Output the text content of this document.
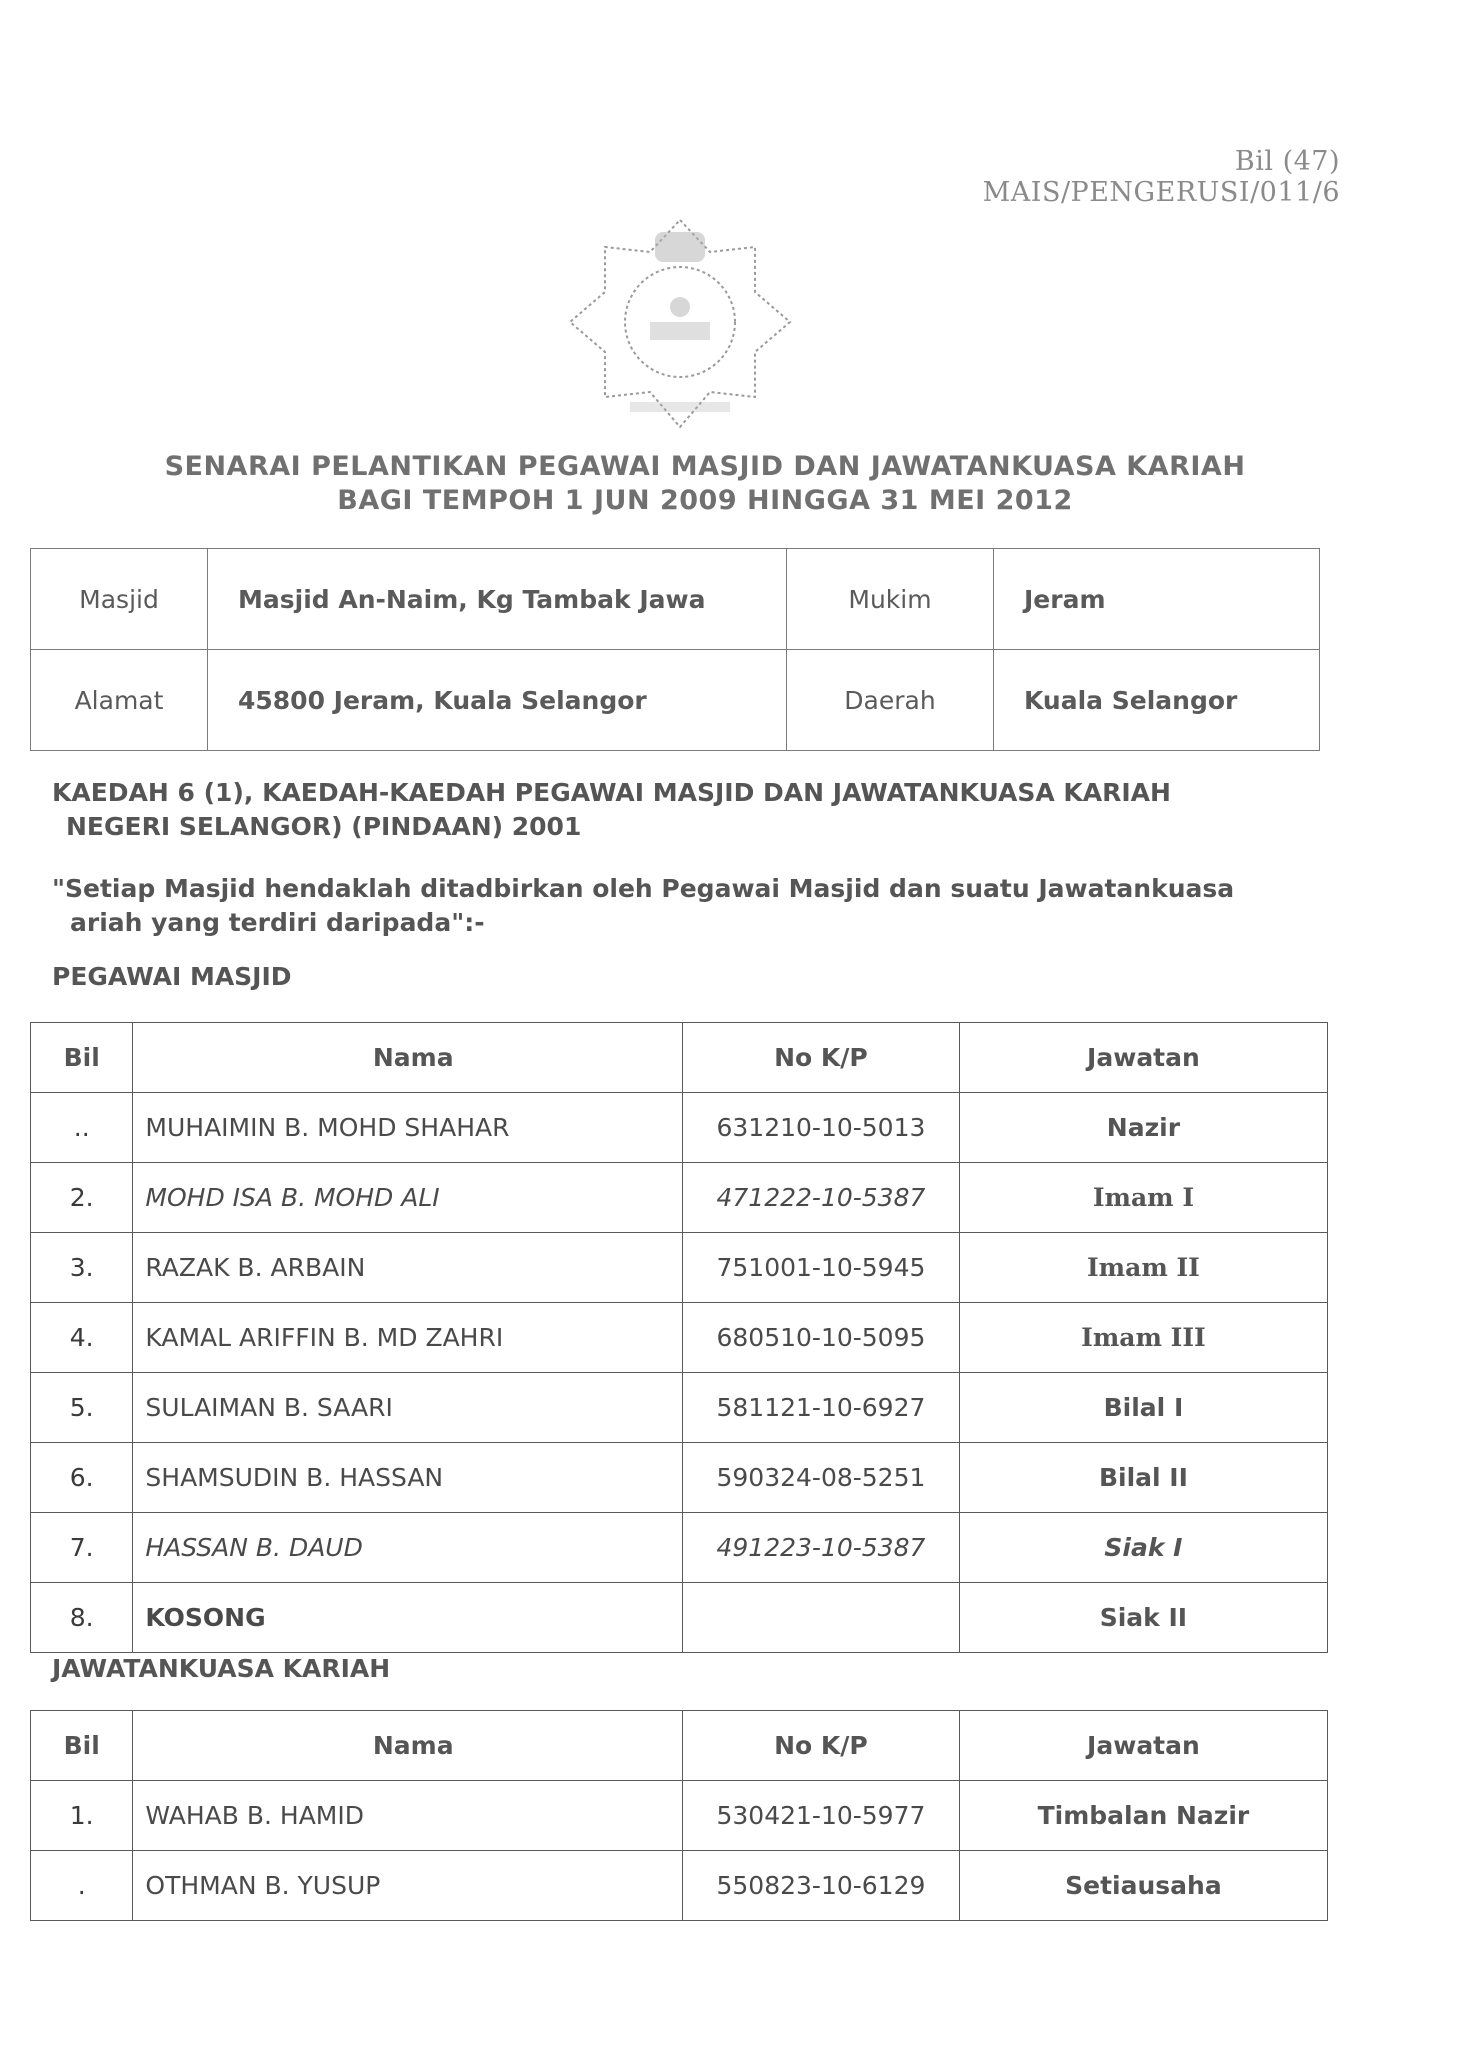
Bil (47) MAIS/PENGERUSI/011/6
SENARAI PELANTIKAN PEGAWAI MASJID DAN JAWATANKUASA KARIAH
BAGI TEMPOH 1 JUN 2009 HINGGA 31 MEI 2012
Masjid	Masjid An-Naim, Kg Tambak Jawa	Mukim	Jeram
Alamat	45800 Jeram, Kuala Selangor	Daerah	Kuala Selangor
KAEDAH 6 (1), KAEDAH-KAEDAH PEGAWAI MASJID DAN JAWATANKUASA KARIAH
NEGERI SELANGOR) (PINDAAN) 2001
"Setiap Masjid hendaklah ditadbirkan oleh Pegawai Masjid dan suatu Jawatankuasa
ariah yang terdiri daripada":-
PEGAWAI MASJID
Bil	Nama	No K/P	Jawatan
..	MUHAIMIN B. MOHD SHAHAR	631210-10-5013	Nazir
2.	MOHD ISA B. MOHD ALI	471222-10-5387	Imam I
3.	RAZAK B. ARBAIN	751001-10-5945	Imam II
4.	KAMAL ARIFFIN B. MD ZAHRI	680510-10-5095	Imam III
5.	SULAIMAN B. SAARI	581121-10-6927	Bilal I
6.	SHAMSUDIN B. HASSAN	590324-08-5251	Bilal II
7.	HASSAN B. DAUD	491223-10-5387	Siak I
8.	KOSONG		Siak II
JAWATANKUASA KARIAH
Bil	Nama	No K/P	Jawatan
1.	WAHAB B. HAMID	530421-10-5977	Timbalan Nazir
.	OTHMAN B. YUSUP	550823-10-6129	Setiausaha
